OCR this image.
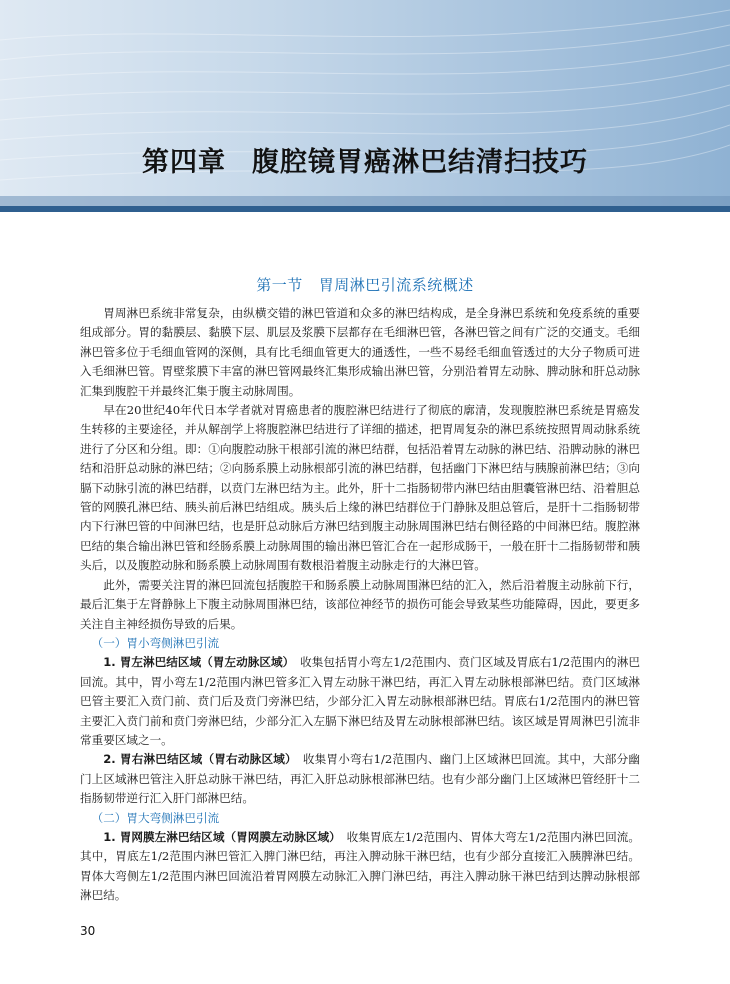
第四章 腹腔镜胃癌淋巴结清扫技巧
第一节 胃周淋巴引流系统概述

胃周淋巴系统非常复杂，由纵横交错的淋巴管道和众多的淋巴结构成，是全身淋巴系统和免疫系统的重要组成部分。胃的黏膜层、黏膜下层、肌层及浆膜下层都存在毛细淋巴管，各淋巴管之间有广泛的交通支。毛细淋巴管多位于毛细血管网的深侧，具有比毛细血管更大的通透性，一些不易经毛细血管透过的大分子物质可进入毛细淋巴管。胃壁浆膜下丰富的淋巴管网最终汇集形成输出淋巴管，分别沿着胃左动脉、脾动脉和肝总动脉汇集到腹腔干并最终汇集于腹主动脉周围。

早在20世纪40年代日本学者就对胃癌患者的腹腔淋巴结进行了彻底的廓清，发现腹腔淋巴系统是胃癌发生转移的主要途径，并从解剖学上将腹腔淋巴结进行了详细的描述，把胃周复杂的淋巴系统按照胃周动脉系统进行了分区和分组。即：①向腹腔动脉干根部引流的淋巴结群，包括沿着胃左动脉的淋巴结、沿脾动脉的淋巴结和沿肝总动脉的淋巴结；②向肠系膜上动脉根部引流的淋巴结群，包括幽门下淋巴结与胰腺前淋巴结；③向膈下动脉引流的淋巴结群，以贲门左淋巴结为主。此外，肝十二指肠韧带内淋巴结由胆囊管淋巴结、沿着胆总管的网膜孔淋巴结、胰头前后淋巴结组成。胰头后上缘的淋巴结群位于门静脉及胆总管后，是肝十二指肠韧带内下行淋巴管的中间淋巴结，也是肝总动脉后方淋巴结到腹主动脉周围淋巴结右侧径路的中间淋巴结。腹腔淋巴结的集合输出淋巴管和经肠系膜上动脉周围的输出淋巴管汇合在一起形成肠干，一般在肝十二指肠韧带和胰头后，以及腹腔动脉和肠系膜上动脉周围有数根沿着腹主动脉走行的大淋巴管。

此外，需要关注胃的淋巴回流包括腹腔干和肠系膜上动脉周围淋巴结的汇入，然后沿着腹主动脉前下行，最后汇集于左肾静脉上下腹主动脉周围淋巴结，该部位神经节的损伤可能会导致某些功能障碍，因此，要更多关注自主神经损伤导致的后果。

（一）胃小弯侧淋巴引流

1. 胃左淋巴结区域（胃左动脉区域）　 收集包括胃小弯左1/2范围内、贲门区域及胃底右1/2范围内的淋巴回流。其中，胃小弯左1/2范围内淋巴管多汇入胃左动脉干淋巴结，再汇入胃左动脉根部淋巴结。贲门区域淋巴管主要汇入贲门前、贲门后及贲门旁淋巴结，少部分汇入胃左动脉根部淋巴结。胃底右1/2范围内的淋巴管主要汇入贲门前和贲门旁淋巴结，少部分汇入左膈下淋巴结及胃左动脉根部淋巴结。该区域是胃周淋巴引流非常重要区域之一。

2. 胃右淋巴结区域（胃右动脉区域）　 收集胃小弯右1/2范围内、幽门上区域淋巴回流。其中，大部分幽门上区域淋巴管注入肝总动脉干淋巴结，再汇入肝总动脉根部淋巴结。也有少部分幽门上区域淋巴管经肝十二指肠韧带逆行汇入肝门部淋巴结。

（二）胃大弯侧淋巴引流

1. 胃网膜左淋巴结区域（胃网膜左动脉区域）　 收集胃底左1/2范围内、胃体大弯左1/2范围内淋巴回流。其中，胃底左1/2范围内淋巴管汇入脾门淋巴结，再注入脾动脉干淋巴结，也有少部分直接汇入胰脾淋巴结。胃体大弯侧左1/2范围内淋巴回流沿着胃网膜左动脉汇入脾门淋巴结，再注入脾动脉干淋巴结到达脾动脉根部淋巴结。

30
